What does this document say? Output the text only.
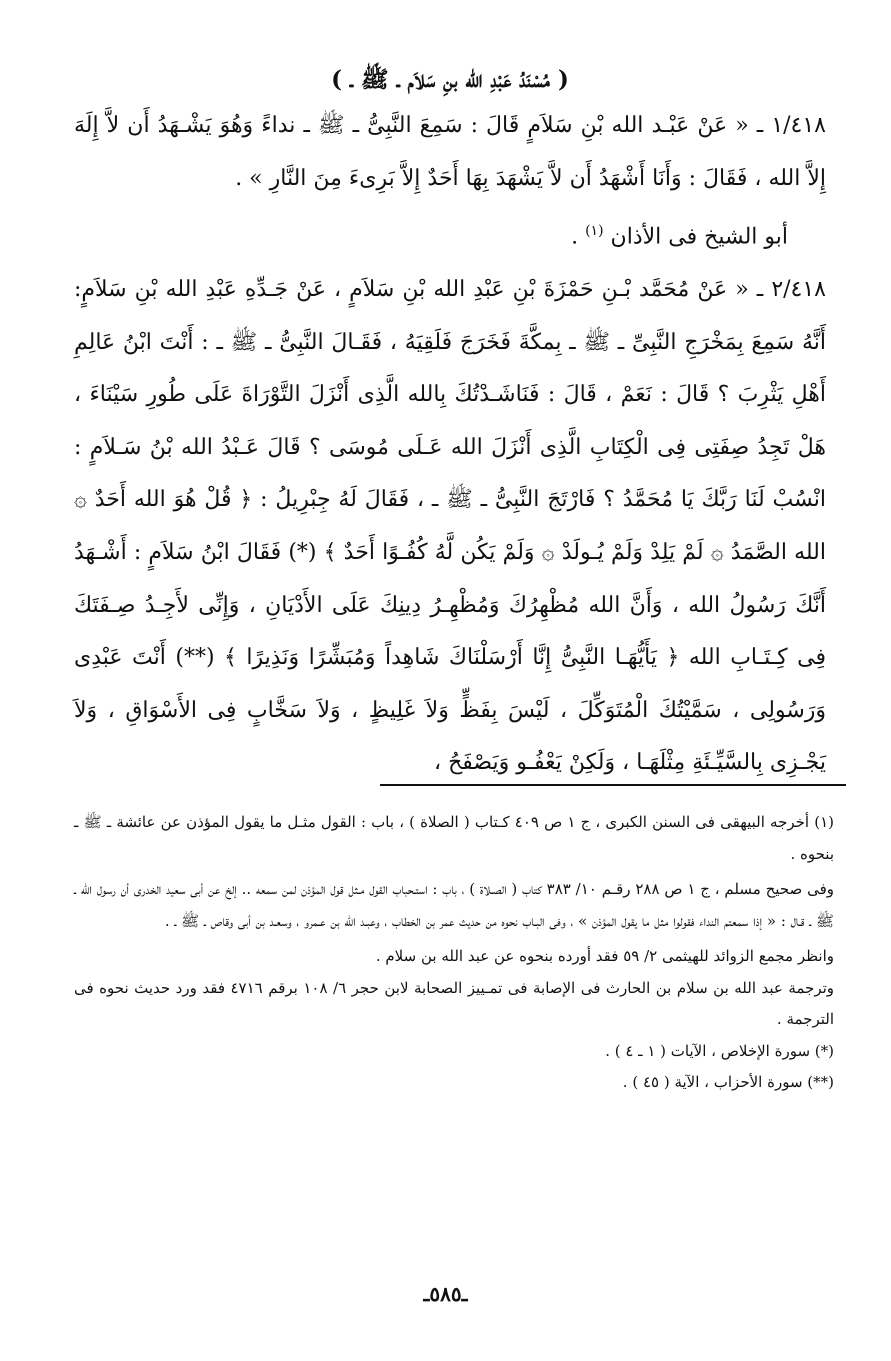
( مُسْنَدُ عَبْدِ الله بنِ سَلاَم ـ ﷺ ـ )

١/٤١٨ ـ « عَنْ عَبْـد الله بْنِ سَلاَمٍ قَالَ : سَمِعَ النَّبِىُّ ـ ﷺ ـ نداءً وَهُوَ يَشْـهَدُ أَن لاَّ إِلَهَ إِلاَّ الله ، فَقَالَ : وَأَنَا أَشْهَدُ أَن لاَّ يَشْهَدَ بِهَا أَحَدٌ إِلاَّ بَرِىءَ مِنَ النَّارِ » .

أبو الشيخ فى الأذان $^{(١)}$ .

٢/٤١٨ ـ « عَنْ مُحَمَّد بْـنِ حَمْزَةَ بْنِ عَبْدِ الله بْنِ سَلاَمٍ ، عَنْ جَـدِّهِ عَبْدِ الله بْنِ سَلاَمٍ: أَنَّهُ سَمِعَ بِمَخْرَجِ النَّبِىِّ ـ ﷺ ـ بِمكَّةَ فَخَرَجَ فَلَقِيَهُ ، فَقَـالَ النَّبِىُّ ـ ﷺ ـ : أَنْتَ ابْنُ عَالِمِ أَهْلِ يَثْرِبَ ؟ قَالَ : نَعَمْ ، قَالَ : فَنَاشَـدْتُكَ بِالله الَّذِى أَنْزَلَ التَّوْرَاةَ عَلَى طُورِ سَيْنَاءَ ، هَلْ تَجِدُ صِفَتِى فِى الْكِتَابِ الَّذِى أَنْزَلَ الله عَـلَى مُوسَى ؟ قَالَ عَـبْدُ الله بْنُ سَـلاَمٍ : انْسُبْ لَنَا رَبَّكَ يَا مُحَمَّدُ ؟ فَارْتَجَ النَّبِىُّ ـ ﷺ ـ ، فَقَالَ لَهُ جِبْرِيلُ : ﴿ قُلْ هُوَ الله أَحَدٌ ۞ الله الصَّمَدُ ۞ لَمْ يَلِدْ وَلَمْ يُـولَدْ ۞ وَلَمْ يَكُن لَّهُ كُفُـوًا أَحَدٌ ﴾ (*) فَقَالَ ابْنُ سَلاَمٍ : أَشْـهَدُ أَنَّكَ رَسُولُ الله ، وَأَنَّ الله مُظْهِرُكَ وَمُظْهِـرُ دِينِكَ عَلَى الأَدْيَانِ ، وَإِنِّى لأَجِـدُ صِـفَتَكَ فِى كِـتَـابِ الله ﴿ يَأَيُّهَـا النَّبِىُّ إِنَّا أَرْسَلْنَاكَ شَاهِداً وَمُبَشِّرًا وَنَذِيرًا ﴾ (**) أَنْتَ عَبْدِى وَرَسُولِى ، سَمَّيْتُكَ الْمُتَوَكِّلَ ، لَيْسَ بِفَظٍّ وَلاَ غَلِيظٍ ، وَلاَ سَخَّابٍ فِى الأَسْوَاقِ ، وَلاَ يَجْـزِى بِالسَّيِّـئَةِ مِثْلَهَـا ، وَلَكِنْ يَعْفُـو وَيَصْفَحُ ،

(١) أخرجه البيهقى فى السنن الكبرى ، ج ١ ص ٤٠٩ كـتاب ( الصلاة ) ، باب : القول مثـل ما يقول المؤذن عن عائشة ـ ﷺ ـ بنحوه .

وفى صحيح مسلم ، ج ١ ص ٢٨٨ رقـم ١٠/ ٣٨٣ كتاب ( الصـلاة ) ، باب : استـحباب القول مـثل قول المؤذن لمن سمعه .. إلخ عن أبى سعيد الخدرى أن رسول الله ـ ﷺ ـ قـال : « إذا سمعتم النداء فقولوا مثل ما يقول المؤذن » ، وفى البـاب نحوه من حديث عمر بن الخطاب ، وعبـد الله بن عـمرو ، وسعـد بن أبى وقاص ـ ﷺ ـ .

وانظر مجمع الزوائد للهيثمى ٢/ ٥٩ فقد أورده بنحوه عن عبد الله بن سلام .

وترجمة عبد الله بن سلام بن الحارث فى الإصابة فى تمـييز الصحابة لابن حجر ٦/ ١٠٨ برقم ٤٧١٦ فقد ورد حديث نحوه فى الترجمة .

(*) سورة الإخلاص ، الآيات ( ١ ـ ٤ ) .

(**) سورة الأحزاب ، الآية ( ٤٥ ) .

ـ٥٨٥ـ
